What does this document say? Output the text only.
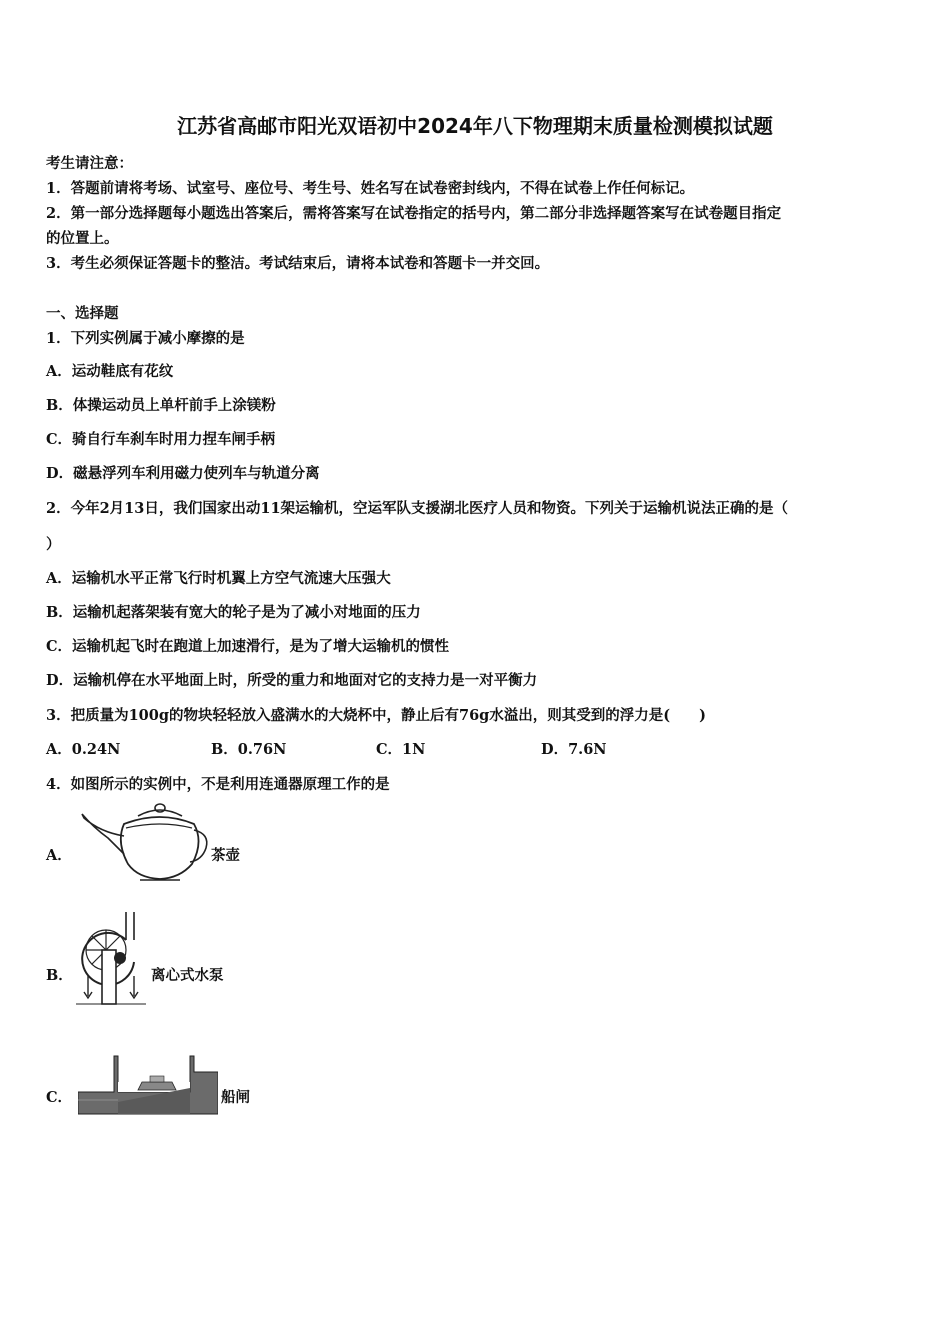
江苏省高邮市阳光双语初中2024年八下物理期末质量检测模拟试题
考生请注意：
1．答题前请将考场、试室号、座位号、考生号、姓名写在试卷密封线内，不得在试卷上作任何标记。
2．第一部分选择题每小题选出答案后，需将答案写在试卷指定的括号内，第二部分非选择题答案写在试卷题目指定
的位置上。
3．考生必须保证答题卡的整洁。考试结束后，请将本试卷和答题卡一并交回。
一、选择题
1．下列实例属于减小摩擦的是
A．运动鞋底有花纹
B．体操运动员上单杆前手上涂镁粉
C．骑自行车刹车时用力捏车闸手柄
D．磁悬浮列车利用磁力使列车与轨道分离
2．今年2月13日，我们国家出动11架运输机，空运军队支援湖北医疗人员和物资。下列关于运输机说法正确的是（
）
A．运输机水平正常飞行时机翼上方空气流速大压强大
B．运输机起落架装有宽大的轮子是为了减小对地面的压力
C．运输机起飞时在跑道上加速滑行，是为了增大运输机的惯性
D．运输机停在水平地面上时，所受的重力和地面对它的支持力是一对平衡力
3．把质量为100g的物块轻轻放入盛满水的大烧杯中，静止后有76g水溢出，则其受到的浮力是(　　)
A．0.24N	B．0.76N	C．1N	D．7.6N
4．如图所示的实例中，不是利用连通器原理工作的是
A．	茶壶
B．	离心式水泵
C．	船闸
